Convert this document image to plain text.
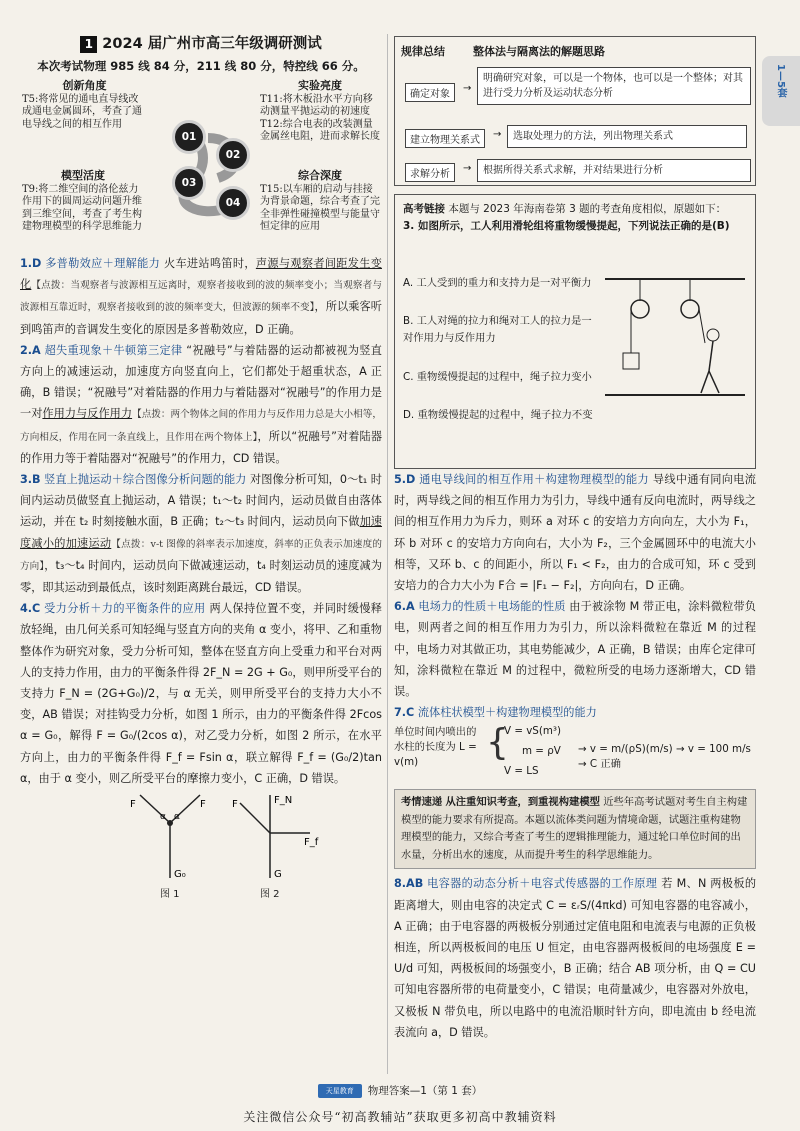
1 2024 届广州市高三年级调研测试
本次考试物理 985 线 84 分，211 线 80 分，特控线 66 分。
创新角度
T5:将常见的通电直导线改成通电金属圆环，考查了通电导线之间的相互作用
实验亮度
T11:将木板沿水平方向移动测量平抛运动的初速度 T12:综合电表的改装测量金属丝电阻，进而求解长度
模型活度
T9:将二维空间的洛伦兹力作用下的圆周运动问题升维到三维空间，考查了考生构建物理模型的科学思维能力
综合深度
T15:以车厢的启动与挂接为背景命题，综合考查了完全非弹性碰撞模型与能量守恒定律的应用
01
02
03
04

1.D 多普勒效应＋理解能力 火车进站鸣笛时，声源与观察者间距发生变化【点拨：当观察者与波源相互远离时，观察者接收到的波的频率变小；当观察者与波源相互靠近时，观察者接收到的波的频率变大，但波源的频率不变】，所以乘客听到鸣笛声的音调发生变化的原因是多普勒效应，D 正确。

2.A 超失重现象＋牛顿第三定律 “祝融号”与着陆器的运动都被视为竖直方向上的减速运动，加速度方向竖直向上，它们都处于超重状态，A 正确，B 错误；“祝融号”对着陆器的作用力与着陆器对“祝融号”的作用力是一对作用力与反作用力【点拨：两个物体之间的作用力与反作用力总是大小相等，方向相反，作用在同一条直线上，且作用在两个物体上】，所以“祝融号”对着陆器的作用力等于着陆器对“祝融号”的作用力，CD 错误。

3.B 竖直上抛运动＋综合图像分析问题的能力 对图像分析可知，0～t₁ 时间内运动员做竖直上抛运动，A 错误；t₁～t₂ 时间内，运动员做自由落体运动，并在 t₂ 时刻接触水面，B 正确；t₂～t₃ 时间内，运动员向下做加速度减小的加速运动【点拨：v-t 图像的斜率表示加速度，斜率的正负表示加速度的方向】，t₃～t₄ 时间内，运动员向下做减速运动，t₄ 时刻运动员的速度减为零，即其运动到最低点，该时刻距离跳台最远，CD 错误。

4.C 受力分析＋力的平衡条件的应用 两人保持位置不变，并同时缓慢释放轻绳，由几何关系可知轻绳与竖直方向的夹角 α 变小，将甲、乙和重物整体作为研究对象，受力分析可知，整体在竖直方向上受重力和平台对两人的支持力作用，由力的平衡条件得 2F_N = 2G + G₀，则甲所受平台的支持力 F_N = (2G+G₀)/2，与 α 无关，则甲所受平台的支持力大小不变，AB 错误；对挂钩受力分析，如图 1 所示，由力的平衡条件得 2Fcos α = G₀，解得 F = G₀/(2cos α)，对乙受力分析，如图 2 所示，在水平方向上，由力的平衡条件得 F_f = Fsin α，联立解得 F_f = (G₀/2)tan α，由于 α 变小，则乙所受平台的摩擦力变小，C 正确，D 错误。

F	F
α α
G₀
F_N
F
F_f
G
图 1	图 2
规律总结	整体法与隔离法的解题思路
确定对象
→
明确研究对象，可以是一个物体，也可以是一个整体；对其进行受力分析及运动状态分析
建立物理关系式
→	选取处理力的方法，列出物理关系式
求解分析
→	根据所得关系式求解，并对结果进行分析
高考链接 本题与 2023 年海南卷第 3 题的考查角度相似，原题如下：
3. 如图所示，工人利用滑轮组将重物缓慢提起，下列说法正确的是(B)
A. 工人受到的重力和支持力是一对平衡力
B. 工人对绳的拉力和绳对工人的拉力是一对作用力与反作用力
C. 重物缓慢提起的过程中，绳子拉力变小
D. 重物缓慢提起的过程中，绳子拉力不变

5.D 通电导线间的相互作用＋构建物理模型的能力 导线中通有同向电流时，两导线之间的相互作用力为引力，导线中通有反向电流时，两导线之间的相互作用力为斥力，则环 a 对环 c 的安培力方向向左，大小为 F₁，环 b 对环 c 的安培力方向向右，大小为 F₂，三个金属圆环中的电流大小相等，又环 b、c 的间距小，所以 F₁ < F₂，由力的合成可知，环 c 受到安培力的合力大小为 F合 = |F₁ − F₂|，方向向右，D 正确。

6.A 电场力的性质＋电场能的性质 由于被涂物 M 带正电，涂料微粒带负电，则两者之间的相互作用力为引力，所以涂料微粒在靠近 M 的过程中，电场力对其做正功，其电势能减少，A 正确，B 错误；由库仑定律可知，涂料微粒在靠近 M 的过程中，微粒所受的电场力逐渐增大，CD 错误。

7.C 流体柱状模型＋构建物理模型的能力

单位时间内喷出的水柱的长度为 L = v(m)	{
V = vS(m³)
m = ρV
V = LS
→ v = m/(ρS)(m/s) → v = 100 m/s → C 正确
考情速递 从注重知识考查，到重视构建模型 近些年高考试题对考生自主构建模型的能力要求有所提高。本题以流体类问题为情境命题，试题注重构建物理模型的能力，又综合考查了考生的逻辑推理能力，通过轮口单位时间的出水量，分析出水的速度，从而提升考生的科学思维能力。

8.AB 电容器的动态分析＋电容式传感器的工作原理 若 M、N 两极板的距离增大，则由电容的决定式 C = εᵣS/(4πkd) 可知电容器的电容减小，A 正确；由于电容器的两极板分别通过定值电阻和电流表与电源的正负极相连，所以两极板间的电压 U 恒定，由电容器两极板间的电场强度 E = U/d 可知，两极板间的场强变小，B 正确；结合 AB 项分析，由 Q = CU 可知电容器所带的电荷量变小，C 错误；电荷量减少，电容器对外放电，又极板 N 带负电，所以电路中的电流沿顺时针方向，即电流由 b 经电流表流向 a，D 错误。

1—5套
天星教育 物理答案—1（第 1 套）
关注微信公众号“初高教辅站”获取更多初高中教辅资料
